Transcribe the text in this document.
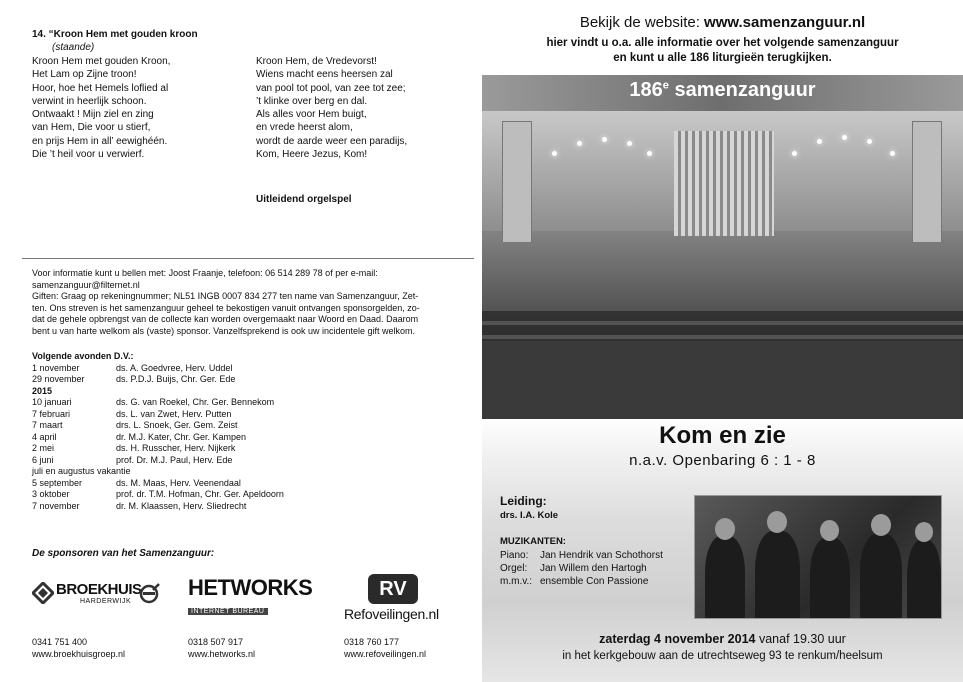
14. “Kroon Hem met gouden kroon
(staande)
Kroon Hem met gouden Kroon,
Het Lam op Zijne troon!
Hoor, hoe het Hemels loflied al
verwint in heerlijk schoon.
Ontwaakt ! Mijn ziel en zing
van Hem, Die voor u stierf,
en prijs Hem in all’ eewighéén.
Die ’t heil voor u verwierf.
Kroon Hem, de Vredevorst!
Wiens macht eens heersen zal
van pool tot pool, van zee tot zee;
’t klinke over berg en dal.
Als alles voor Hem buigt,
en vrede heerst alom,
wordt de aarde weer een paradijs,
Kom, Heere Jezus, Kom!
Uitleidend orgelspel
Voor informatie kunt u bellen met: Joost Fraanje, telefoon: 06 514 289 78 of per e-mail:
samenzanguur@filternet.nl
Giften: Graag op rekeningnummer; NL51 INGB 0007 834 277 ten name van Samenzanguur, Zet-
ten. Ons streven is het samenzanguur geheel te bekostigen vanuit ontvangen sponsorgelden, zo-
dat de gehele opbrengst van de collecte kan worden overgemaakt naar Woord en Daad. Daarom
bent u van harte welkom als (vaste) sponsor. Vanzelfsprekend is ook uw incidentele gift welkom.
Volgende avonden D.V.:
1 november	ds. A. Goedvree, Herv. Uddel
29 november	ds. P.D.J. Buijs, Chr. Ger. Ede
2015
10 januari	ds. G. van Roekel, Chr. Ger. Bennekom
7 februari	ds. L. van Zwet, Herv. Putten
7 maart	drs. L. Snoek, Ger. Gem. Zeist
4 april	dr. M.J. Kater, Chr. Ger. Kampen
2 mei	ds. H. Russcher, Herv. Nijkerk
6 juni	prof. Dr. M.J. Paul, Herv. Ede
juli en augustus vakantie
5 september	ds. M. Maas, Herv. Veenendaal
3 oktober	prof. dr. T.M. Hofman, Chr. Ger. Apeldoorn
7 november	dr. M. Klaassen, Herv. Sliedrecht
De sponsoren van het Samenzanguur:
BROEKHUIS
HARDERWIJK
0341 751 400
www.broekhuisgroep.nl
HETWORKS
INTERNET BUREAU
0318 507 917
www.hetworks.nl
RV
Refoveilingen.nl
0318 760 177
www.refoveilingen.nl
Bekijk de website: www.samenzanguur.nl
hier vindt u o.a. alle informatie over het volgende samenzanguur
en kunt u alle 186 liturgieën terugkijken.
186e samenzanguur
Kom en zie
n.a.v. Openbaring 6 : 1 - 8
Leiding:
drs. I.A. Kole
MUZIKANTEN:
Piano:	Jan Hendrik van Schothorst
Orgel:	Jan Willem den Hartogh
m.m.v.: ensemble Con Passione
zaterdag 4 november 2014 vanaf 19.30 uur
in het kerkgebouw aan de utrechtseweg 93 te renkum/heelsum
